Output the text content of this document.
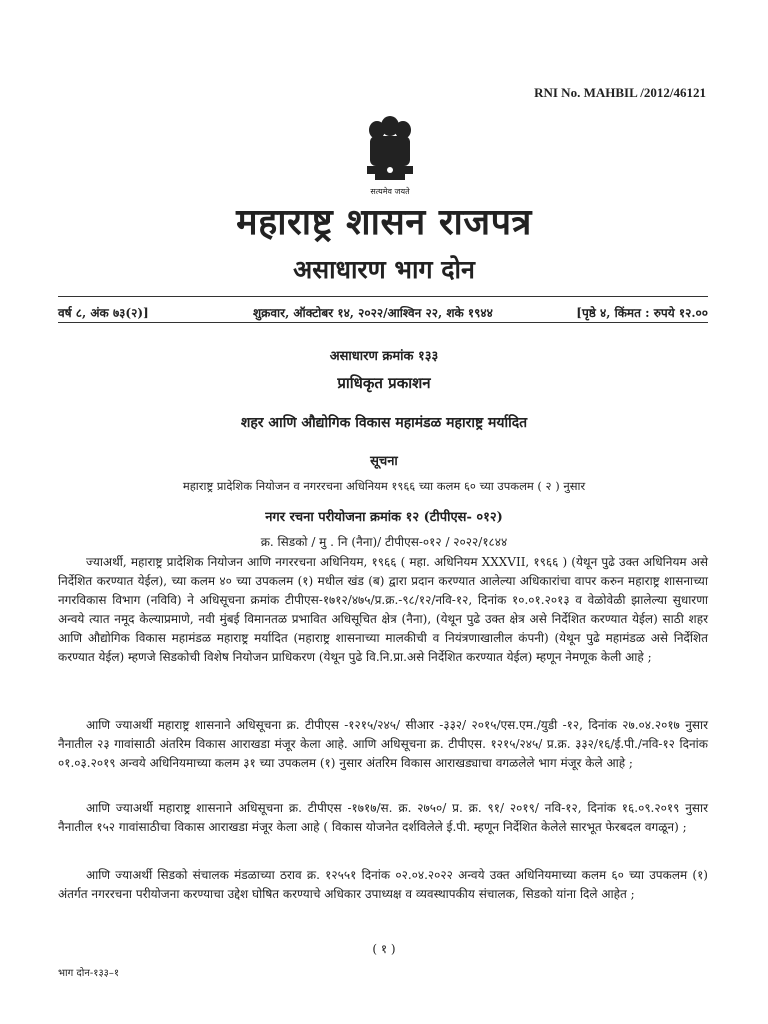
RNI No. MAHBIL /2012/46121
सत्यमेव जयते
महाराष्ट्र शासन राजपत्र
असाधारण भाग दोन
वर्ष ८, अंक ७३(२)]	शुक्रवार, ऑक्टोबर १४, २०२२/आश्विन २२, शके १९४४	[पृष्ठे ४, किंमत : रुपये १२.००
असाधारण क्रमांक १३३
प्राधिकृत प्रकाशन
शहर आणि औद्योगिक विकास महामंडळ महाराष्ट्र मर्यादित
सूचना
महाराष्ट्र प्रादेशिक नियोजन व नगररचना अधिनियम १९६६ च्या कलम ६० च्या उपकलम ( २ ) नुसार
नगर रचना परीयोजना क्रमांक १२ (टीपीएस- ०१२)
क्र. सिडको / मु . नि (नैना)/ टीपीएस-०१२ / २०२२/१८४४
ज्याअर्थी, महाराष्ट्र प्रादेशिक नियोजन आणि नगररचना अधिनियम, १९६६ ( महा. अधिनियम XXXVII, १९६६ ) (येथून पुढे उक्त अधिनियम असे निर्देशित करण्यात येईल), च्या कलम ४० च्या उपकलम (१) मधील खंड (ब) द्वारा प्रदान करण्यात आलेल्या अधिकारांचा वापर करुन महाराष्ट्र शासनाच्या नगरविकास विभाग (नविवि) ने अधिसूचना क्रमांक टीपीएस-१७१२/४७५/प्र.क्र.-९८/१२/नवि-१२, दिनांक १०.०१.२०१३ व वेळोवेळी झालेल्या सुधारणा अन्वये त्यात नमूद केल्याप्रमाणे, नवी मुंबई विमानतळ प्रभावित अधिसूचित क्षेत्र (नैना), (येथून पुढे उक्त क्षेत्र असे निर्देशित करण्यात येईल) साठी शहर आणि औद्योगिक विकास महामंडळ महाराष्ट्र मर्यादित (महाराष्ट्र शासनाच्या मालकीची व नियंत्रणाखालील कंपनी) (येथून पुढे महामंडळ असे निर्देशित करण्यात येईल) म्हणजे सिडकोची विशेष नियोजन प्राधिकरण (येथून पुढे वि.नि.प्रा.असे निर्देशित करण्यात येईल) म्हणून नेमणूक केली आहे ;
आणि ज्याअर्थी महाराष्ट्र शासनाने अधिसूचना क्र. टीपीएस -१२१५/२४५/ सीआर -३३२/ २०१५/एस.एम./युडी -१२, दिनांक २७.०४.२०१७ नुसार नैनातील २३ गावांसाठी अंतरिम विकास आराखडा मंजूर केला आहे. आणि अधिसूचना क्र. टीपीएस. १२१५/२४५/ प्र.क्र. ३३२/१६/ई.पी./नवि-१२ दिनांक ०१.०३.२०१९ अन्वये अधिनियमाच्या कलम ३१ च्या उपकलम (१) नुसार अंतरिम विकास आराखड्याचा वगळलेले भाग मंजूर केले आहे ;
आणि ज्याअर्थी महाराष्ट्र शासनाने अधिसूचना क्र. टीपीएस -१७१७/स. क्र. २७५०/ प्र. क्र. ९१/ २०१९/ नवि-१२, दिनांक १६.०९.२०१९ नुसार नैनातील १५२ गावांसाठीचा विकास आराखडा मंजूर केला आहे ( विकास योजनेत दर्शविलेले ई.पी. म्हणून निर्देशित केलेले सारभूत फेरबदल वगळून) ;
आणि ज्याअर्थी सिडको संचालक मंडळाच्या ठराव क्र. १२५५१ दिनांक ०२.०४.२०२२ अन्वये उक्त अधिनियमाच्या कलम ६० च्या उपकलम (१) अंतर्गत नगररचना परीयोजना करण्याचा उद्देश घोषित करण्याचे अधिकार उपाध्यक्ष व व्यवस्थापकीय संचालक, सिडको यांना दिले आहेत ;
( १ )
भाग दोन-१३३–१
